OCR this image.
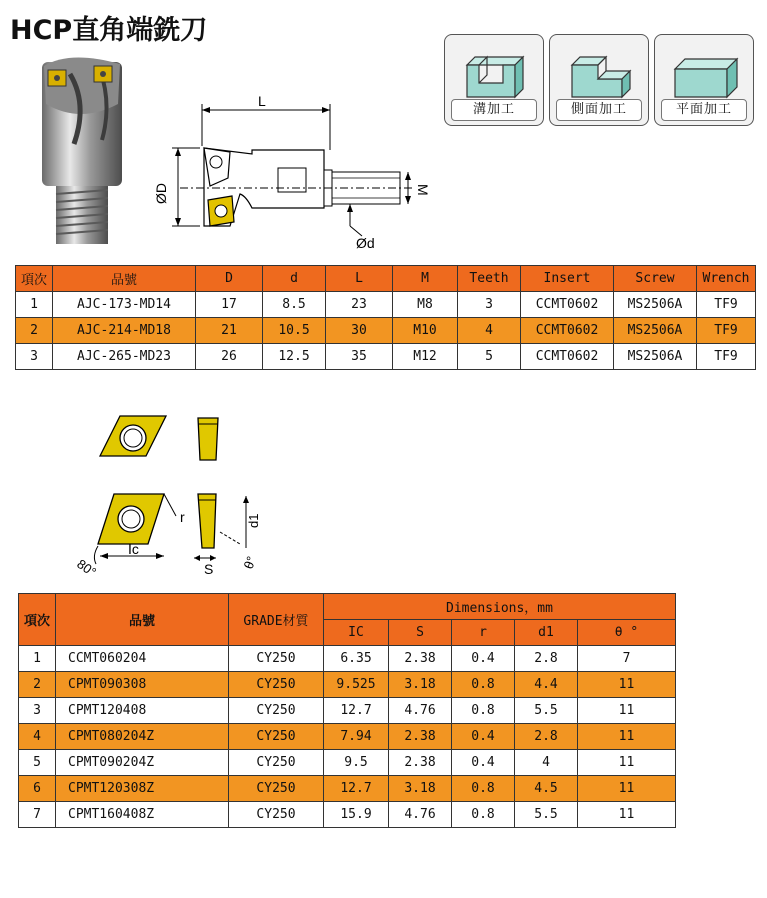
HCP直角端銑刀
溝加工	側面加工	平面加工
L
ØD	M
Ød
項次	品號	D	d	L	M	Teeth	Insert	Screw	Wrench
1	AJC-173-MD14	17	8.5	23	M8	3	CCMT0602	MS2506A	TF9
2	AJC-214-MD18	21	10.5	30	M10	4	CCMT0602	MS2506A	TF9
3	AJC-265-MD23	26	12.5	35	M12	5	CCMT0602	MS2506A	TF9
r
Ic
80°	S
d1
θ°
項次	品號	GRADE材質	Dimensions，mm				
			IC	S	r	d1	θ °
1	CCMT060204	CY250	6.35	2.38	0.4	2.8	7
2	CPMT090308	CY250	9.525	3.18	0.8	4.4	11
3	CPMT120408	CY250	12.7	4.76	0.8	5.5	11
4	CPMT080204Z	CY250	7.94	2.38	0.4	2.8	11
5	CPMT090204Z	CY250	9.5	2.38	0.4	4	11
6	CPMT120308Z	CY250	12.7	3.18	0.8	4.5	11
7	CPMT160408Z	CY250	15.9	4.76	0.8	5.5	11
